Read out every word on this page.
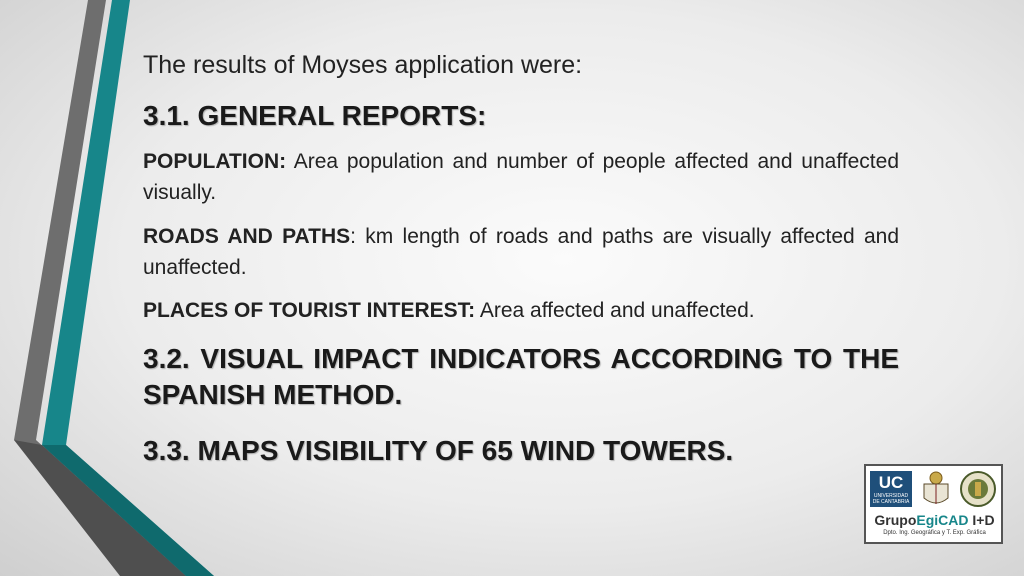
The results of Moyses application were:
3.1. GENERAL REPORTS:
POPULATION: Area population and number of people affected and unaffected visually.
ROADS AND PATHS: km length of roads and paths are visually affected and unaffected.
PLACES OF TOURIST INTEREST: Area affected and unaffected.
3.2. VISUAL IMPACT INDICATORS ACCORDING TO THE SPANISH METHOD.
3.3. MAPS VISIBILITY OF 65 WIND TOWERS.
UC
UNIVERSIDAD
DE CANTABRIA
GrupoEgiCAD I+D
Dpto. Ing. Geográfica y T. Exp. Gráfica
